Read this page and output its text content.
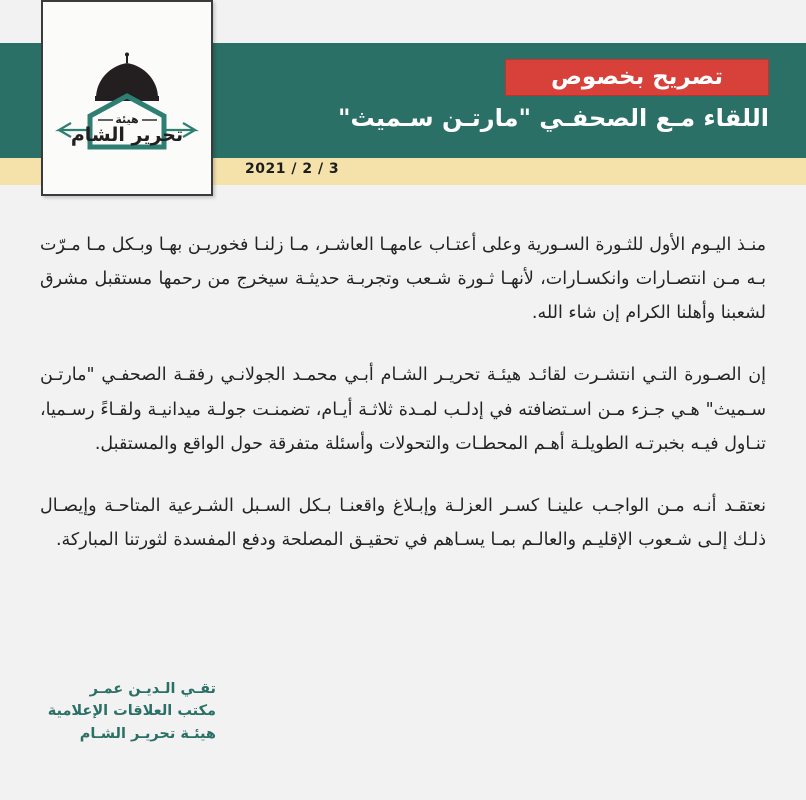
2021 / 2 / 3
هيئة
تحرير الشام
تصريح بخصوص
اللقاء مـع الصحفـي "مارتـن سـميث"

منـذ اليـوم الأول للثـورة السـورية وعلى أعتـاب عامهـا العاشـر، مـا زلنـا فخوريـن بهـا وبـكل مـا مـرّت بـه مـن انتصـارات وانكسـارات، لأنهـا ثـورة شـعب وتجربـة حديثـة سيخرج من رحمها مستقبل مشرق لشعبنا وأهلنا الكرام إن شاء الله.

إن الصـورة التـي انتشـرت لقائـد هيئـة تحريـر الشـام أبـي محمـد الجولانـي رفقـة الصحفـي "مارتـن سـميث" هـي جـزء مـن اسـتضافته في إدلـب لمـدة ثلاثـة أيـام، تضمنـت جولـة ميدانيـة ولقـاءً رسـميا، تنـاول فيـه بخبرتـه الطويلـة أهـم المحطـات والتحولات وأسئلة متفرقة حول الواقع والمستقبل.

نعتقـد أنـه مـن الواجـب علينـا كسـر العزلـة وإبـلاغ واقعنـا بـكل السـبل الشـرعية المتاحـة وإيصـال ذلـك إلـى شـعوب الإقليـم والعالـم بمـا يسـاهم في تحقيـق المصلحة ودفع المفسدة لثورتنا المباركة.

تقـي الـديـن عمـر
مكتب العلاقات الإعلامية
هيئـة تحريـر الشـام
